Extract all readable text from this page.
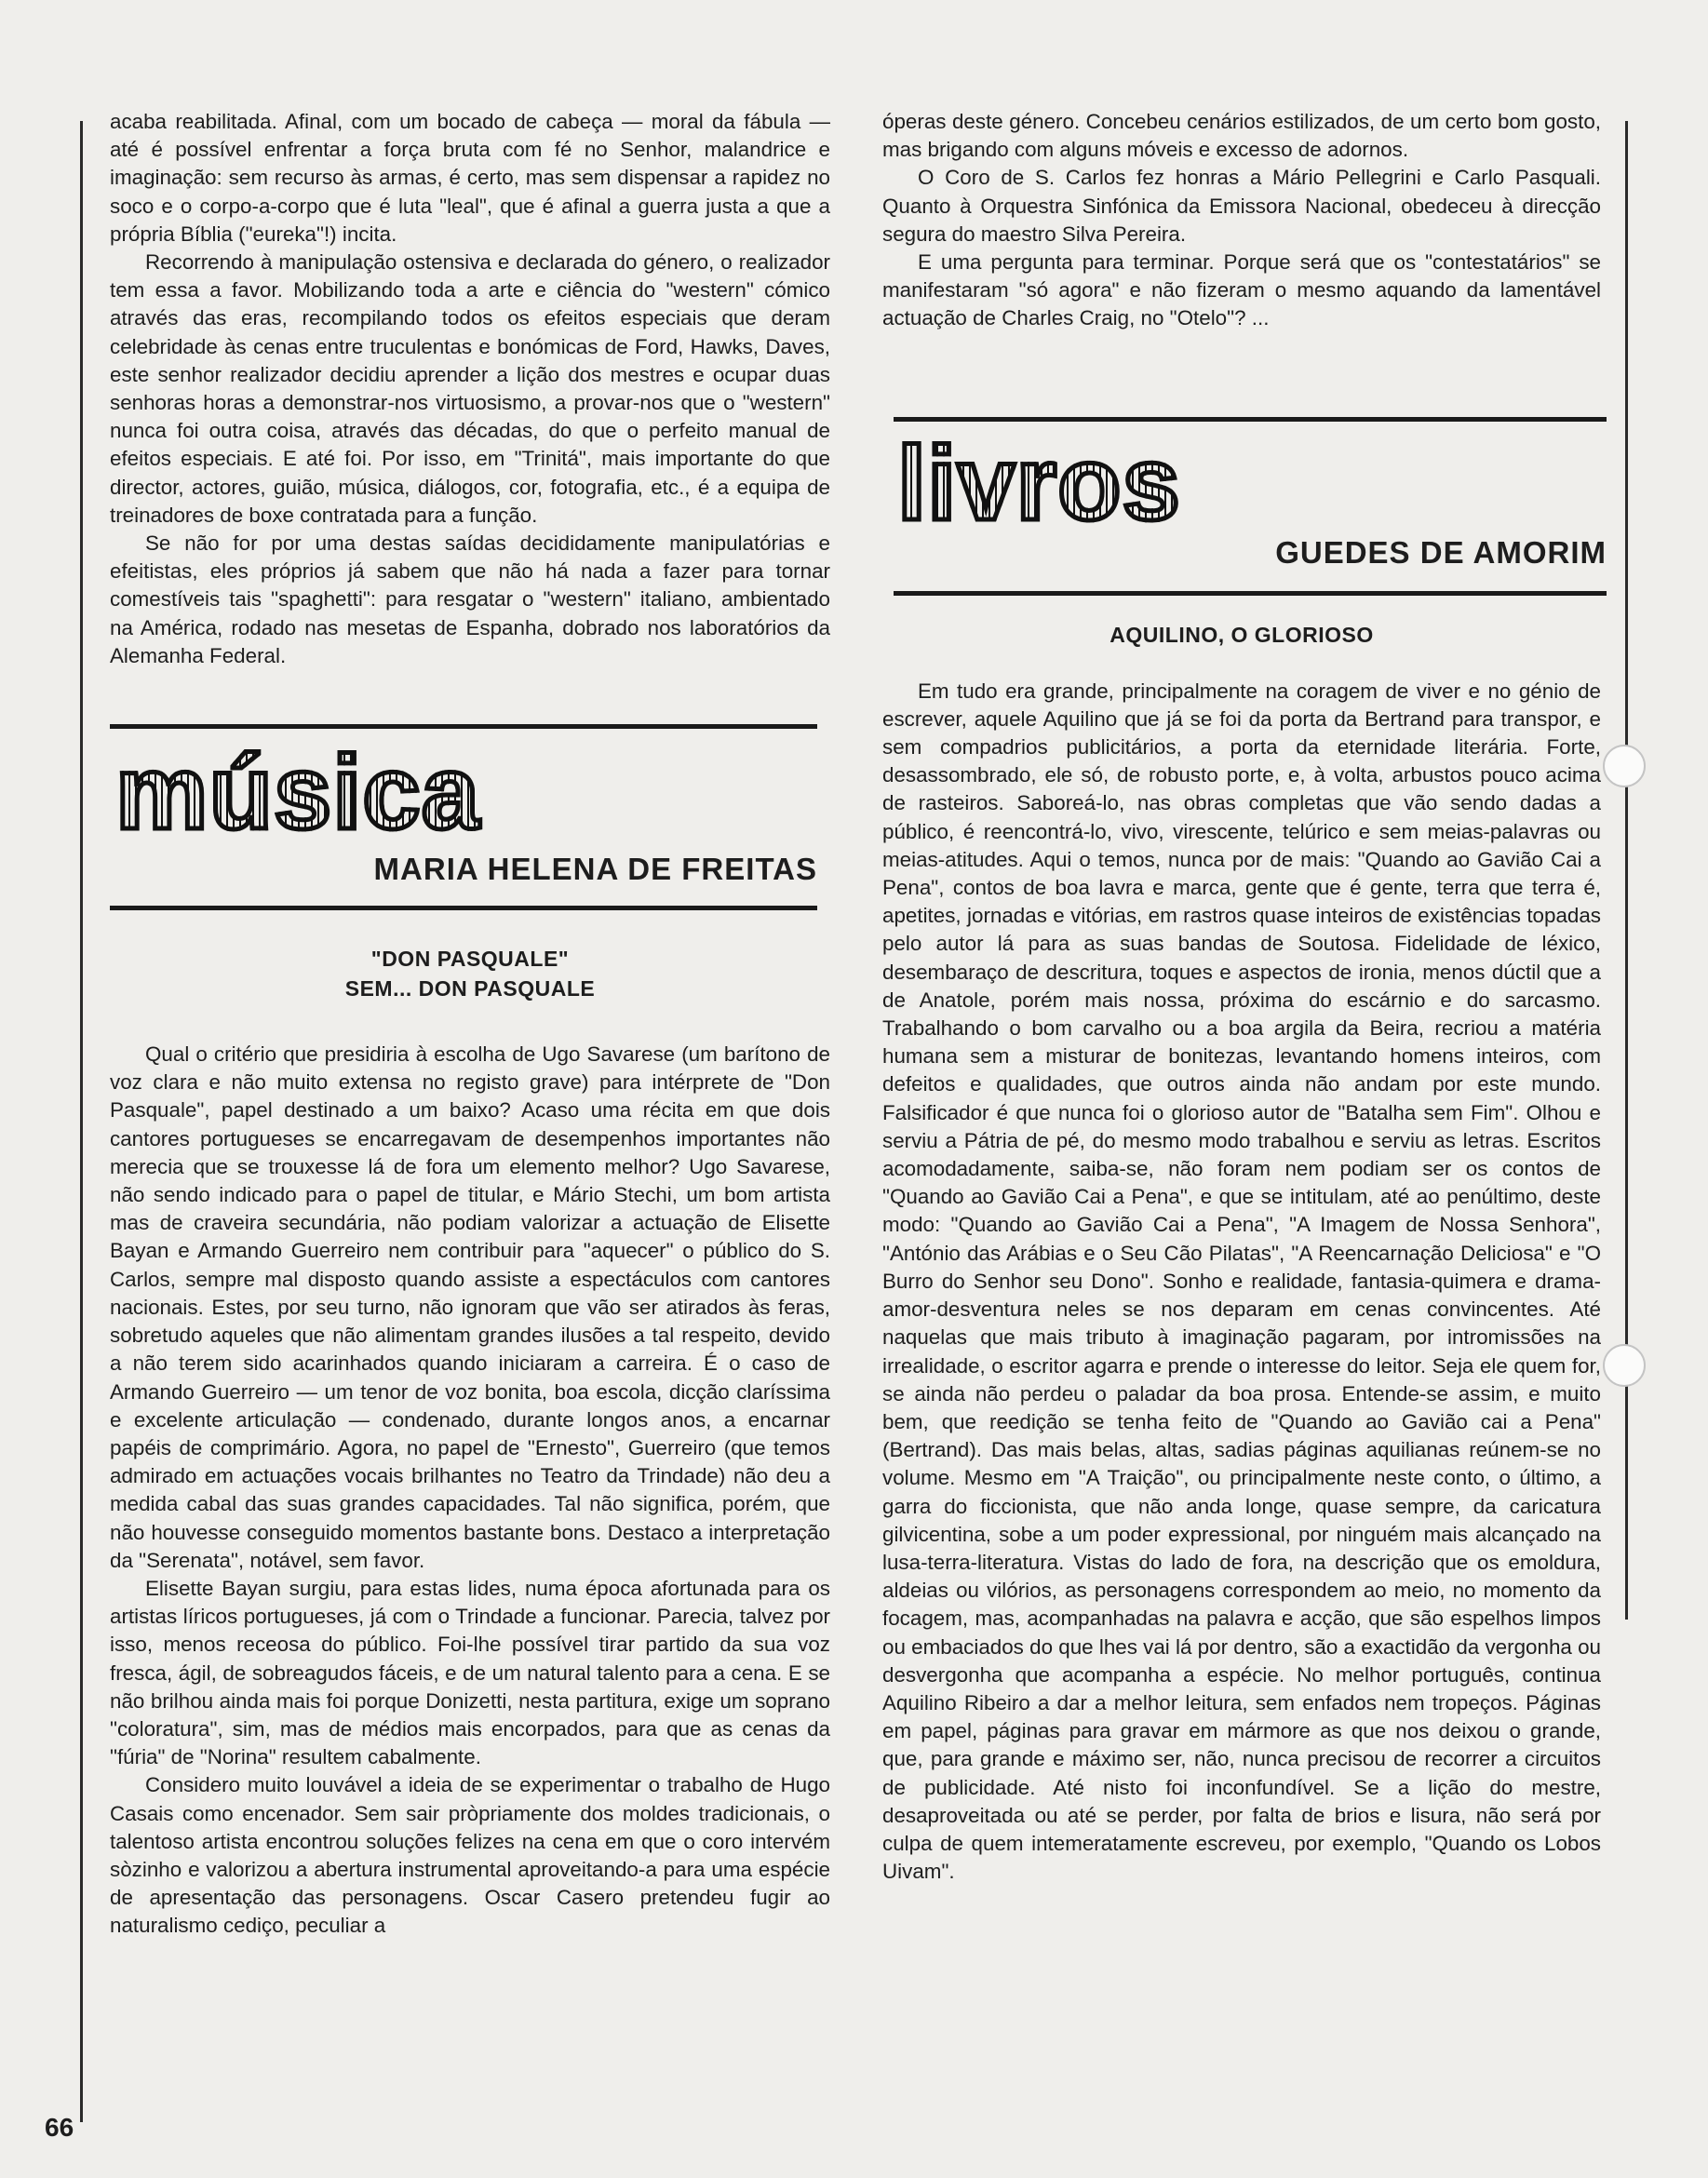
acaba reabilitada. Afinal, com um bocado de cabeça — moral da fábula — até é possível enfrentar a força bruta com fé no Senhor, malandrice e imaginação: sem recurso às armas, é certo, mas sem dispensar a rapidez no soco e o corpo-a-corpo que é luta "leal", que é afinal a guerra justa a que a própria Bíblia ("eureka"!) incita.

Recorrendo à manipulação ostensiva e declarada do género, o realizador tem essa a favor. Mobilizando toda a arte e ciência do "western" cómico através das eras, recompilando todos os efeitos especiais que deram celebridade às cenas entre truculentas e bonómicas de Ford, Hawks, Daves, este senhor realizador decidiu aprender a lição dos mestres e ocupar duas senhoras horas a demonstrar-nos virtuosismo, a provar-nos que o "western" nunca foi outra coisa, através das décadas, do que o perfeito manual de efeitos especiais. E até foi. Por isso, em "Trinitá", mais importante do que director, actores, guião, música, diálogos, cor, fotografia, etc., é a equipa de treinadores de boxe contratada para a função.

Se não for por uma destas saídas decididamente manipulatórias e efeitistas, eles próprios já sabem que não há nada a fazer para tornar comestíveis tais "spaghetti": para resgatar o "western" italiano, ambientado na América, rodado nas mesetas de Espanha, dobrado nos laboratórios da Alemanha Federal.

música
MARIA HELENA DE FREITAS
"DON PASQUALE"
SEM... DON PASQUALE

Qual o critério que presidiria à escolha de Ugo Savarese (um barítono de voz clara e não muito extensa no registo grave) para intérprete de "Don Pasquale", papel destinado a um baixo? Acaso uma récita em que dois cantores portugueses se encarregavam de desempenhos importantes não merecia que se trouxesse lá de fora um elemento melhor? Ugo Savarese, não sendo indicado para o papel de titular, e Mário Stechi, um bom artista mas de craveira secundária, não podiam valorizar a actuação de Elisette Bayan e Armando Guerreiro nem contribuir para "aquecer" o público do S. Carlos, sempre mal disposto quando assiste a espectáculos com cantores nacionais. Estes, por seu turno, não ignoram que vão ser atirados às feras, sobretudo aqueles que não alimentam grandes ilusões a tal respeito, devido a não terem sido acarinhados quando iniciaram a carreira. É o caso de Armando Guerreiro — um tenor de voz bonita, boa escola, dicção claríssima e excelente articulação — condenado, durante longos anos, a encarnar papéis de comprimário. Agora, no papel de "Ernesto", Guerreiro (que temos admirado em actuações vocais brilhantes no Teatro da Trindade) não deu a medida cabal das suas grandes capacidades. Tal não significa, porém, que não houvesse conseguido momentos bastante bons. Destaco a interpretação da "Serenata", notável, sem favor.

Elisette Bayan surgiu, para estas lides, numa época afortunada para os artistas líricos portugueses, já com o Trindade a funcionar. Parecia, talvez por isso, menos receosa do público. Foi-lhe possível tirar partido da sua voz fresca, ágil, de sobreagudos fáceis, e de um natural talento para a cena. E se não brilhou ainda mais foi porque Donizetti, nesta partitura, exige um soprano "coloratura", sim, mas de médios mais encorpados, para que as cenas da "fúria" de "Norina" resultem cabalmente.

Considero muito louvável a ideia de se experimentar o trabalho de Hugo Casais como encenador. Sem sair pròpriamente dos moldes tradicionais, o talentoso artista encontrou soluções felizes na cena em que o coro intervém sòzinho e valorizou a abertura instrumental aproveitando-a para uma espécie de apresentação das personagens. Oscar Casero pretendeu fugir ao naturalismo cediço, peculiar a

óperas deste género. Concebeu cenários estilizados, de um certo bom gosto, mas brigando com alguns móveis e excesso de adornos.

O Coro de S. Carlos fez honras a Mário Pellegrini e Carlo Pasquali. Quanto à Orquestra Sinfónica da Emissora Nacional, obedeceu à direcção segura do maestro Silva Pereira.

E uma pergunta para terminar. Porque será que os "contestatários" se manifestaram "só agora" e não fizeram o mesmo aquando da lamentável actuação de Charles Craig, no "Otelo"? ...

livros
GUEDES DE AMORIM
AQUILINO, O GLORIOSO

Em tudo era grande, principalmente na coragem de viver e no génio de escrever, aquele Aquilino que já se foi da porta da Bertrand para transpor, e sem compadrios publicitários, a porta da eternidade literária. Forte, desassombrado, ele só, de robusto porte, e, à volta, arbustos pouco acima de rasteiros. Saboreá-lo, nas obras completas que vão sendo dadas a público, é reencontrá-lo, vivo, virescente, telúrico e sem meias-palavras ou meias-atitudes. Aqui o temos, nunca por de mais: "Quando ao Gavião Cai a Pena", contos de boa lavra e marca, gente que é gente, terra que terra é, apetites, jornadas e vitórias, em rastros quase inteiros de existências topadas pelo autor lá para as suas bandas de Soutosa. Fidelidade de léxico, desembaraço de descritura, toques e aspectos de ironia, menos dúctil que a de Anatole, porém mais nossa, próxima do escárnio e do sarcasmo. Trabalhando o bom carvalho ou a boa argila da Beira, recriou a matéria humana sem a misturar de bonitezas, levantando homens inteiros, com defeitos e qualidades, que outros ainda não andam por este mundo. Falsificador é que nunca foi o glorioso autor de "Batalha sem Fim". Olhou e serviu a Pátria de pé, do mesmo modo trabalhou e serviu as letras. Escritos acomodadamente, saiba-se, não foram nem podiam ser os contos de "Quando ao Gavião Cai a Pena", e que se intitulam, até ao penúltimo, deste modo: "Quando ao Gavião Cai a Pena", "A Imagem de Nossa Senhora", "António das Arábias e o Seu Cão Pilatas", "A Reencarnação Deliciosa" e "O Burro do Senhor seu Dono". Sonho e realidade, fantasia-quimera e drama-amor-desventura neles se nos deparam em cenas convincentes. Até naquelas que mais tributo à imaginação pagaram, por intromissões na irrealidade, o escritor agarra e prende o interesse do leitor. Seja ele quem for, se ainda não perdeu o paladar da boa prosa. Entende-se assim, e muito bem, que reedição se tenha feito de "Quando ao Gavião cai a Pena" (Bertrand). Das mais belas, altas, sadias páginas aquilianas reúnem-se no volume. Mesmo em "A Traição", ou principalmente neste conto, o último, a garra do ficcionista, que não anda longe, quase sempre, da caricatura gilvicentina, sobe a um poder expressional, por ninguém mais alcançado na lusa-terra-literatura. Vistas do lado de fora, na descrição que os emoldura, aldeias ou vilórios, as personagens correspondem ao meio, no momento da focagem, mas, acompanhadas na palavra e acção, que são espelhos limpos ou embaciados do que lhes vai lá por dentro, são a exactidão da vergonha ou desvergonha que acompanha a espécie. No melhor português, continua Aquilino Ribeiro a dar a melhor leitura, sem enfados nem tropeços. Páginas em papel, páginas para gravar em mármore as que nos deixou o grande, que, para grande e máximo ser, não, nunca precisou de recorrer a circuitos de publicidade. Até nisto foi inconfundível. Se a lição do mestre, desaproveitada ou até se perder, por falta de brios e lisura, não será por culpa de quem intemeratamente escreveu, por exemplo, "Quando os Lobos Uivam".

66
